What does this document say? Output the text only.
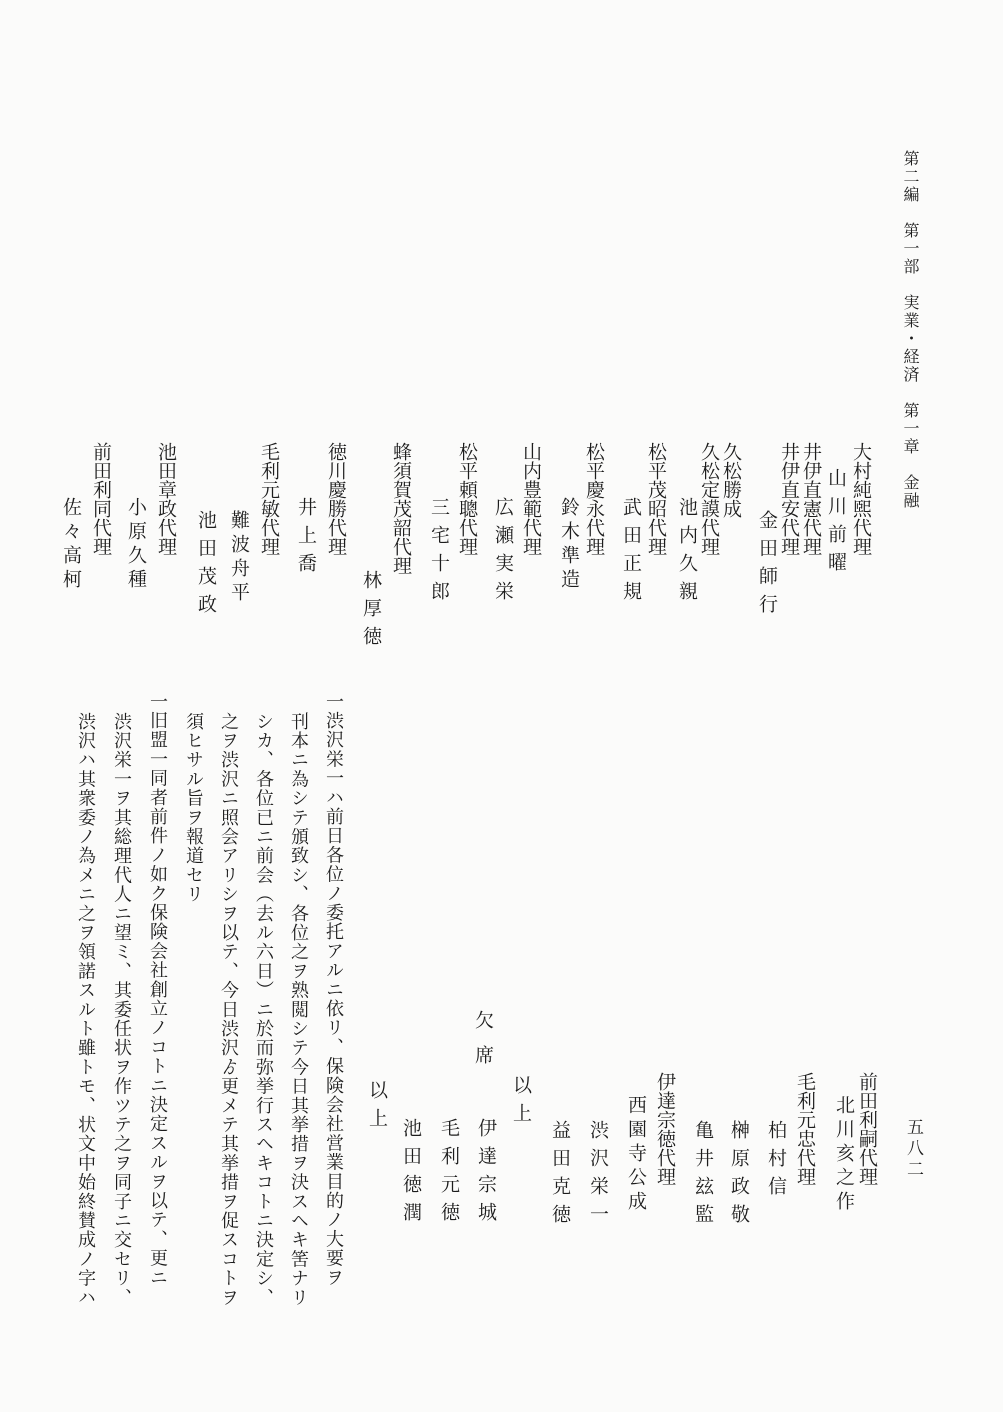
第二編　第一部　実業・経済　第一章　金融
五八二
大村純煕代理
山川前曜
井伊直憲代理
井伊直安代理
金田師行
久松勝成
久松定謨代理
池内久親
松平茂昭代理
武田正規
松平慶永代理
鈴木準造
山内豊範代理
広瀬実栄
松平頼聰代理
三宅十郎
蜂須賀茂韶代理
林厚徳
徳川慶勝代理
井上喬
毛利元敏代理
難波舟平
池田茂政
池田章政代理
小原久種
前田利同代理
佐々高柯
前田利嗣代理
北川亥之作
毛利元忠代理
柏村信
榊原政敬
亀井玆監
伊達宗徳代理
西園寺公成
渋沢栄一
益田克徳
以上
欠席
伊達宗城
毛利元徳
池田徳潤
以上
一渋沢栄一ハ前日各位ノ委托アルニ依リ、保険会社営業目的ノ大要ヲ
刊本ニ為シテ頒致シ、各位之ヲ熟閲シテ今日其挙措ヲ決スヘキ筈ナリ
シカ、各位已ニ前会（去ル六日）ニ於而弥挙行スヘキコトニ決定シ、
之ヲ渋沢ニ照会アリシヲ以テ、今日渋沢ゟ更メテ其挙措ヲ促スコトヲ
須ヒサル旨ヲ報道セリ
一旧盟一同者前件ノ如ク保険会社創立ノコトニ決定スルヲ以テ、更ニ
渋沢栄一ヲ其総理代人ニ望ミ、其委任状ヲ作ツテ之ヲ同子ニ交セリ、
渋沢ハ其衆委ノ為メニ之ヲ領諾スルト雖トモ、状文中始終賛成ノ字ハ
